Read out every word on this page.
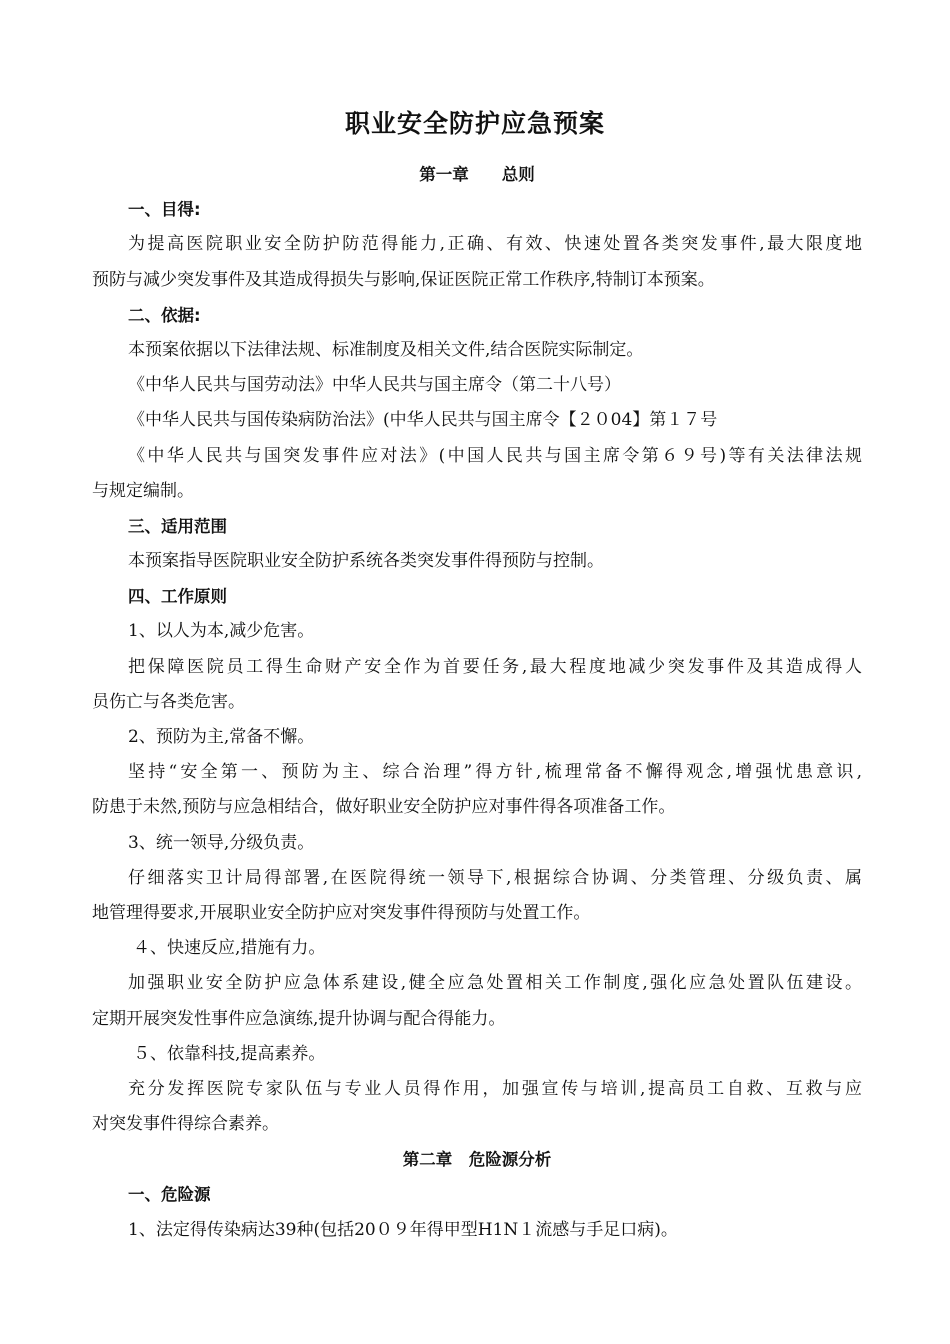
职业安全防护应急预案

第一章　　总则

一、目得:

为提高医院职业安全防护防范得能力,正确、有效、快速处置各类突发事件,最大限度地

预防与减少突发事件及其造成得损失与影响,保证医院正常工作秩序,特制订本预案。

二、依据:

本预案依据以下法律法规、标准制度及相关文件,结合医院实际制定。

《中华人民共与国劳动法》中华人民共与国主席令（第二十八号）

《中华人民共与国传染病防治法》(中华人民共与国主席令【２０04】第１７号

《中华人民共与国突发事件应对法》(中国人民共与国主席令第６９号)等有关法律法规

与规定编制。

三、适用范围

本预案指导医院职业安全防护系统各类突发事件得预防与控制。

四、工作原则

1、以人为本,减少危害。

把保障医院员工得生命财产安全作为首要任务,最大程度地减少突发事件及其造成得人

员伤亡与各类危害。

2、预防为主,常备不懈。

坚持“安全第一、预防为主、综合治理”得方针,梳理常备不懈得观念,增强忧患意识,

防患于未然,预防与应急相结合，做好职业安全防护应对事件得各项准备工作。

3、统一领导,分级负责。

仔细落实卫计局得部署,在医院得统一领导下,根据综合协调、分类管理、分级负责、属

地管理得要求,开展职业安全防护应对突发事件得预防与处置工作。

４、快速反应,措施有力。

加强职业安全防护应急体系建设,健全应急处置相关工作制度,强化应急处置队伍建设。

定期开展突发性事件应急演练,提升协调与配合得能力。

５、依靠科技,提高素养。

充分发挥医院专家队伍与专业人员得作用，加强宣传与培训,提高员工自救、互救与应

对突发事件得综合素养。

第二章　危险源分析

一、危险源

1、法定得传染病达39种(包括20０９年得甲型H1N１流感与手足口病)。
